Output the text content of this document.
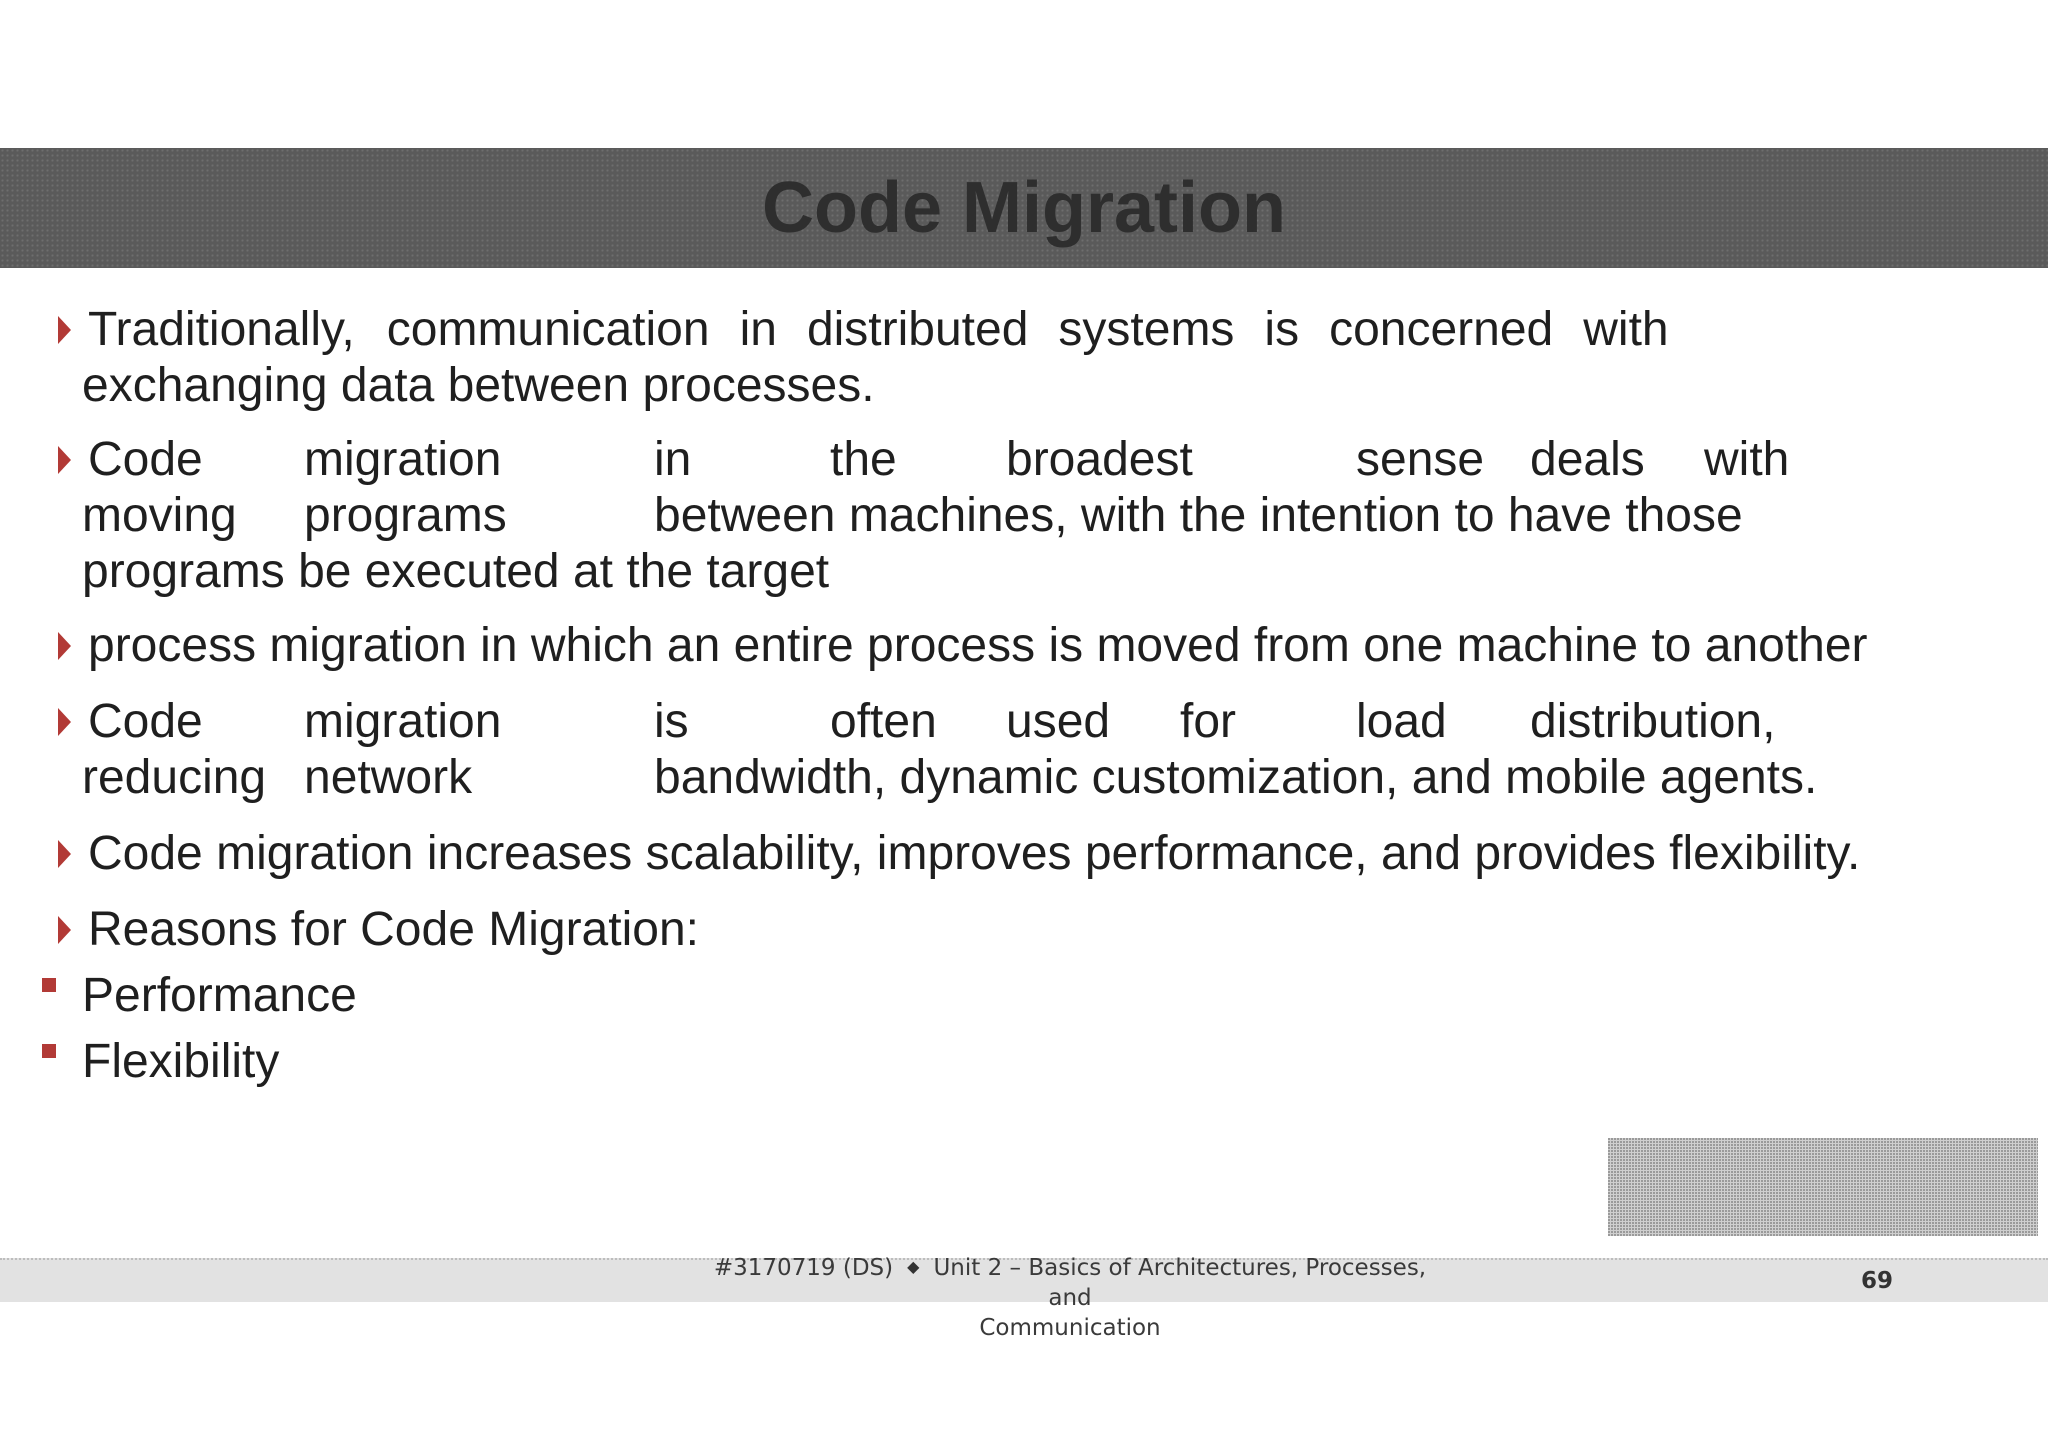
Code Migration
Traditionally, communication in distributed systems is concerned with
exchanging data between processes.
Code migration	in	the broadest	sense deals with
moving programs	between machines, with the intention to have those
programs be executed at the target
process migration in which an entire process is moved from one machine to another
Code migration	is	often used for load distribution,
reducing network	bandwidth, dynamic customization, and mobile agents.
Code migration increases scalability, improves performance, and provides flexibility.
Reasons for Code Migration:
Performance
Flexibility
#3170719 (DS) ◆ Unit 2 – Basics of Architectures, Processes, and
Communication
69
